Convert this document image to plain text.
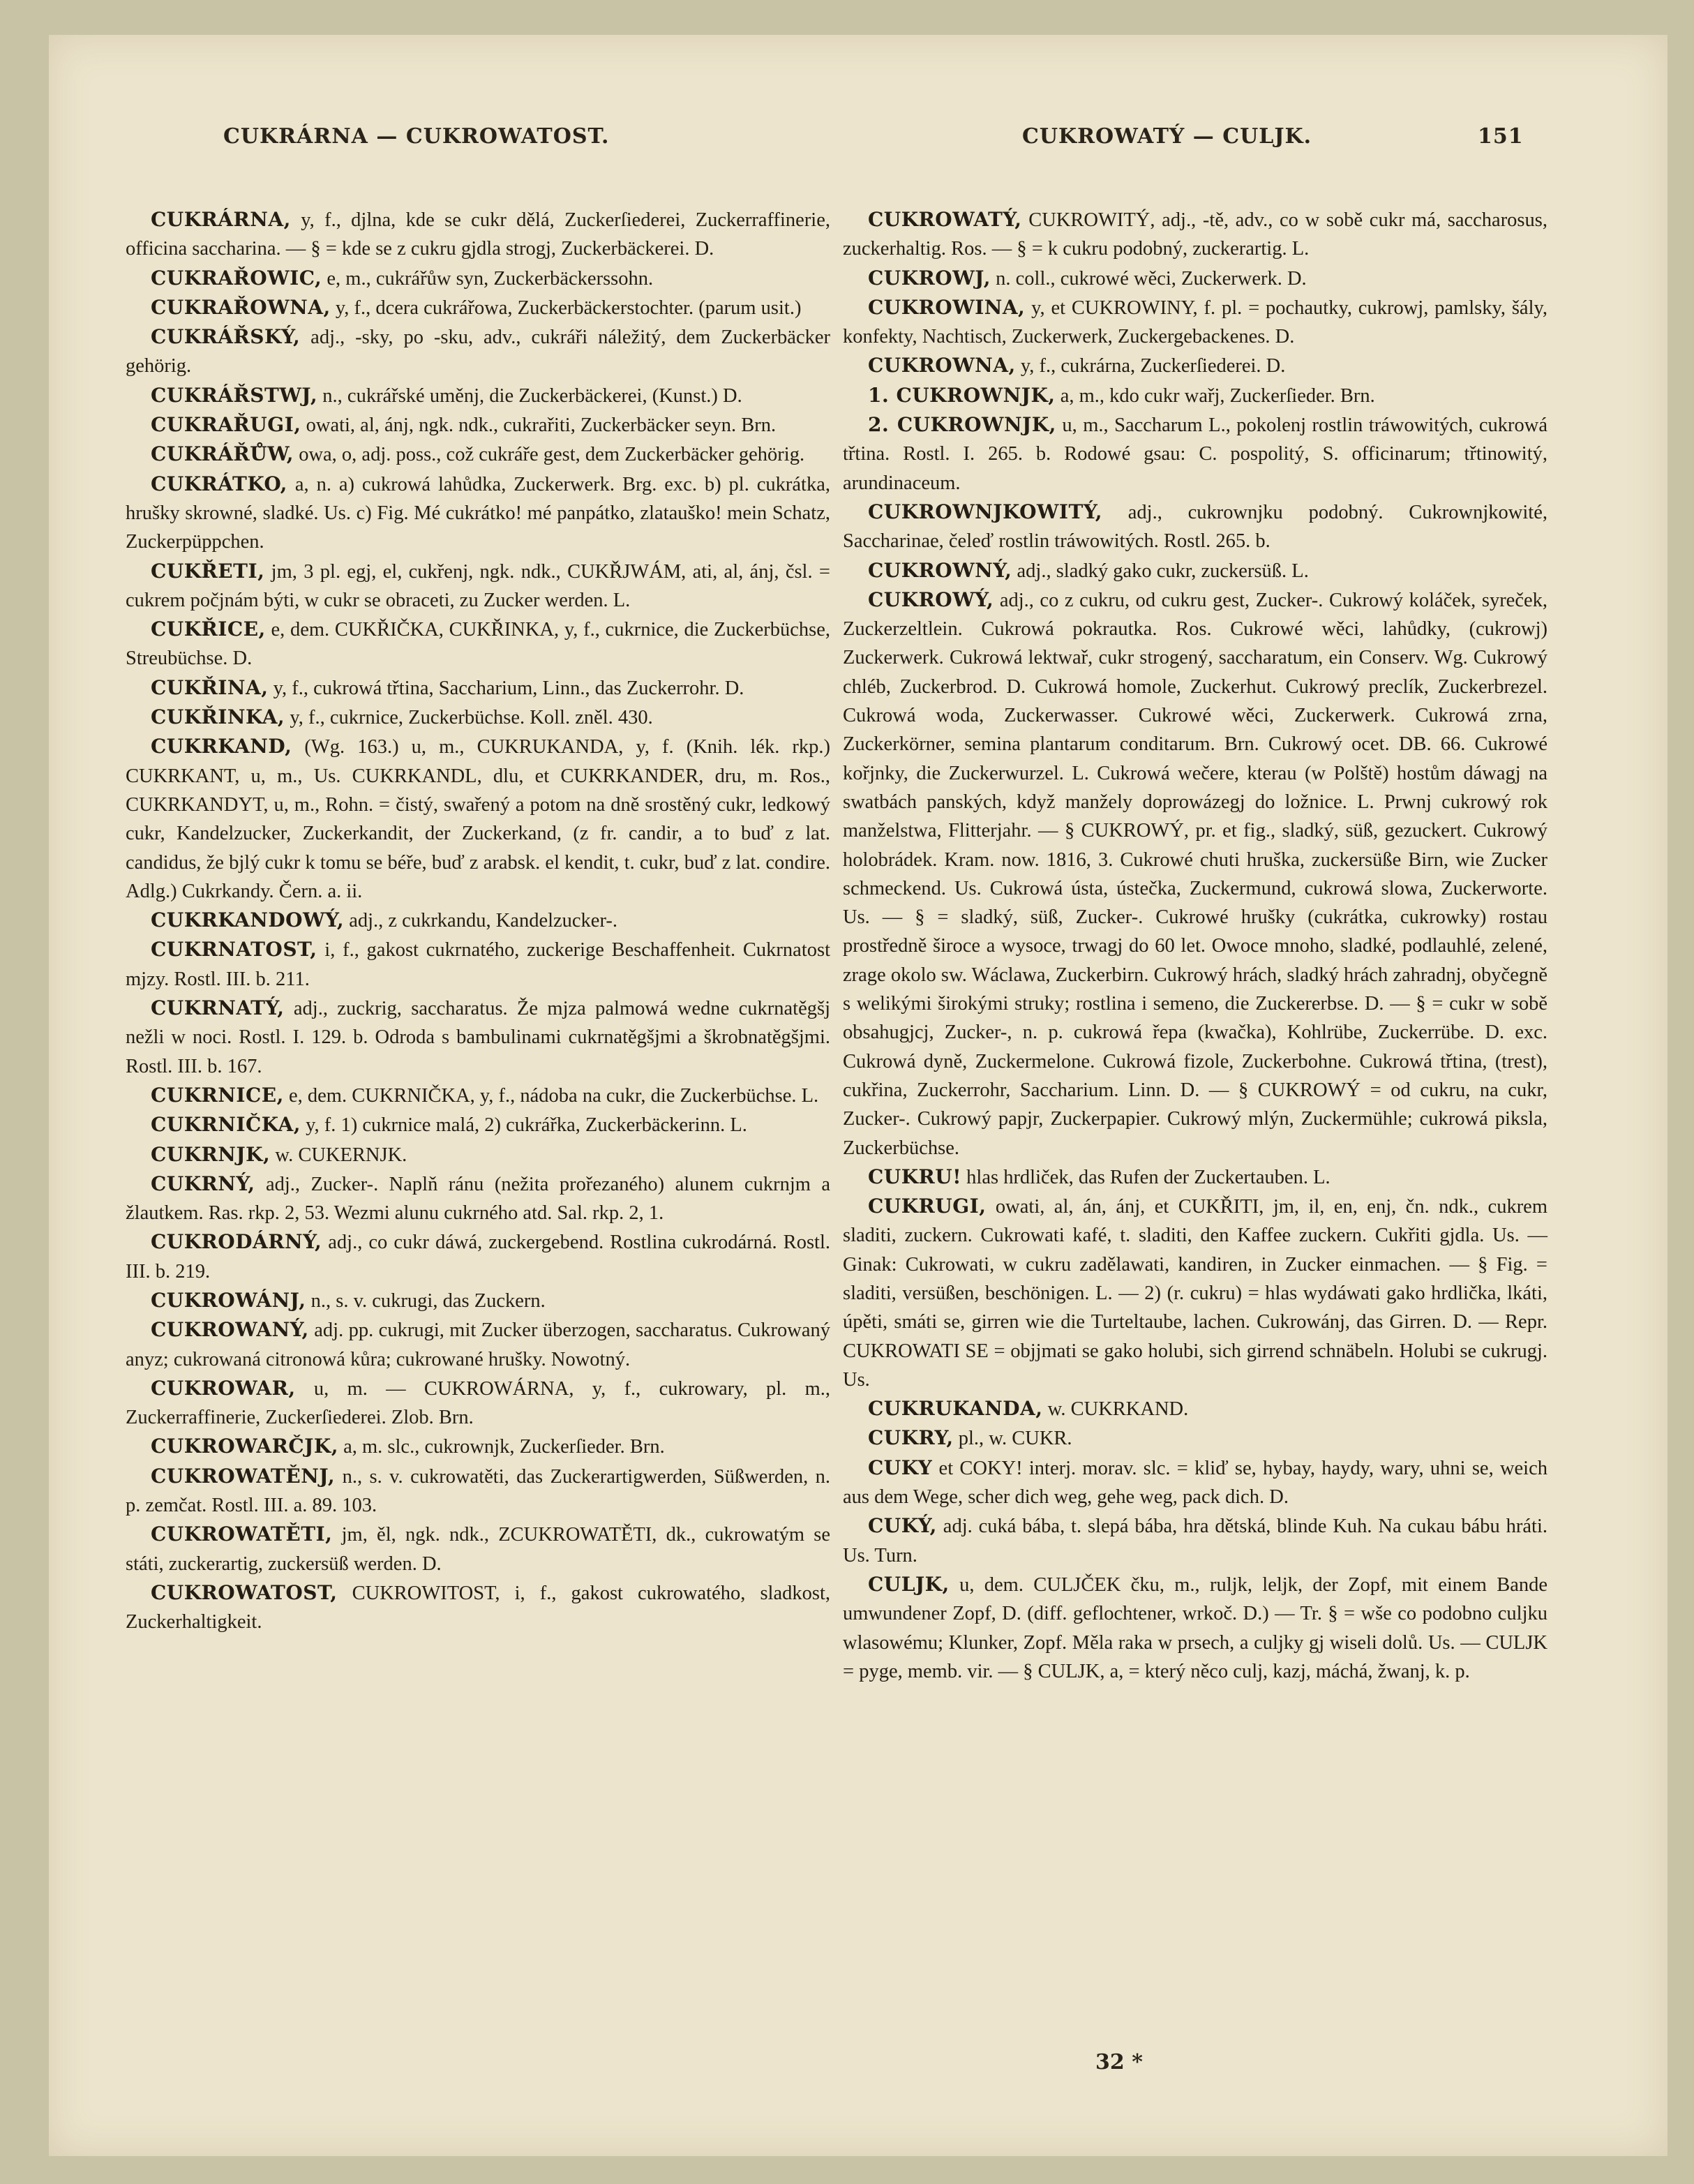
CUKRÁRNA — CUKROWATOST.	CUKROWATÝ — CULJK.	151

CUKRÁRNA, y, f., djlna, kde se cukr dělá, Zuckerſiederei, Zuckerraffinerie, officina saccharina. — § = kde se z cukru gjdla strogj, Zuckerbäckerei. D.

CUKRAŘOWIC, e, m., cukrářůw syn, Zuckerbäckerssohn.

CUKRAŘOWNA, y, f., dcera cukrářowa, Zuckerbäckerstochter. (parum usit.)

CUKRÁŘSKÝ, adj., -sky, po -sku, adv., cukráři náležitý, dem Zuckerbäcker gehörig.

CUKRÁŘSTWJ, n., cukrářské uměnj, die Zuckerbäckerei, (Kunst.) D.

CUKRAŘUGI, owati, al, ánj, ngk. ndk., cukrařiti, Zuckerbäcker seyn. Brn.

CUKRÁŘŮW, owa, o, adj. poss., což cukráře gest, dem Zuckerbäcker gehörig.

CUKRÁTKO, a, n. a) cukrowá lahůdka, Zuckerwerk. Brg. exc. b) pl. cukrátka, hrušky skrowné, sladké. Us. c) Fig. Mé cukrátko! mé panpátko, zlatauško! mein Schatz, Zuckerpüppchen.

CUKŘETI, jm, 3 pl. egj, el, cukřenj, ngk. ndk., CUKŘJWÁM, ati, al, ánj, čsl. = cukrem počjnám býti, w cukr se obraceti, zu Zucker werden. L.

CUKŘICE, e, dem. CUKŘIČKA, CUKŘINKA, y, f., cukrnice, die Zuckerbüchse, Streubüchse. D.

CUKŘINA, y, f., cukrowá třtina, Saccharium, Linn., das Zuckerrohr. D.

CUKŘINKA, y, f., cukrnice, Zuckerbüchse. Koll. zněl. 430.

CUKRKAND, (Wg. 163.) u, m., CUKRUKANDA, y, f. (Knih. lék. rkp.) CUKRKANT, u, m., Us. CUKRKANDL, dlu, et CUKRKANDER, dru, m. Ros., CUKRKANDYT, u, m., Rohn. = čistý, swařený a potom na dně srostěný cukr, ledkowý cukr, Kandelzucker, Zuckerkandit, der Zuckerkand, (z fr. candir, a to buď z lat. candidus, že bjlý cukr k tomu se béře, buď z arabsk. el kendit, t. cukr, buď z lat. condire. Adlg.) Cukrkandy. Čern. a. ii.

CUKRKANDOWÝ, adj., z cukrkandu, Kandelzucker-.

CUKRNATOST, i, f., gakost cukrnatého, zuckerige Beschaffenheit. Cukrnatost mjzy. Rostl. III. b. 211.

CUKRNATÝ, adj., zuckrig, saccharatus. Že mjza palmowá wedne cukrnatěgšj nežli w noci. Rostl. I. 129. b. Odroda s bambulinami cukrnatěgšjmi a škrobnatěgšjmi. Rostl. III. b. 167.

CUKRNICE, e, dem. CUKRNIČKA, y, f., nádoba na cukr, die Zuckerbüchse. L.

CUKRNIČKA, y, f. 1) cukrnice malá, 2) cukrářka, Zuckerbäckerinn. L.

CUKRNJK, w. CUKERNJK.

CUKRNÝ, adj., Zucker-. Naplň ránu (nežita prořezaného) alunem cukrnjm a žlautkem. Ras. rkp. 2, 53. Wezmi alunu cukrného atd. Sal. rkp. 2, 1.

CUKRODÁRNÝ, adj., co cukr dáwá, zuckergebend. Rostlina cukrodárná. Rostl. III. b. 219.

CUKROWÁNJ, n., s. v. cukrugi, das Zuckern.

CUKROWANÝ, adj. pp. cukrugi, mit Zucker überzogen, saccharatus. Cukrowaný anyz; cukrowaná citronowá kůra; cukrowané hrušky. Nowotný.

CUKROWAR, u, m. — CUKROWÁRNA, y, f., cukrowary, pl. m., Zuckerraffinerie, Zuckerſiederei. Zlob. Brn.

CUKROWARČJK, a, m. slc., cukrownjk, Zuckerſieder. Brn.

CUKROWATĚNJ, n., s. v. cukrowatěti, das Zuckerartigwerden, Süßwerden, n. p. zemčat. Rostl. III. a. 89. 103.

CUKROWATĚTI, jm, ěl, ngk. ndk., ZCUKROWATĚTI, dk., cukrowatým se státi, zuckerartig, zuckersüß werden. D.

CUKROWATOST, CUKROWITOST, i, f., gakost cukrowatého, sladkost, Zuckerhaltigkeit.

CUKROWATÝ, CUKROWITÝ, adj., -tě, adv., co w sobě cukr má, saccharosus, zuckerhaltig. Ros. — § = k cukru podobný, zuckerartig. L.

CUKROWJ, n. coll., cukrowé wěci, Zuckerwerk. D.

CUKROWINA, y, et CUKROWINY, f. pl. = pochautky, cukrowj, pamlsky, šály, konfekty, Nachtisch, Zuckerwerk, Zuckergebackenes. D.

CUKROWNA, y, f., cukrárna, Zuckerſiederei. D.

1. CUKROWNJK, a, m., kdo cukr wařj, Zuckerſieder. Brn.

2. CUKROWNJK, u, m., Saccharum L., pokolenj rostlin tráwowitých, cukrowá třtina. Rostl. I. 265. b. Rodowé gsau: C. pospolitý, S. officinarum; třtinowitý, arundinaceum.

CUKROWNJKOWITÝ, adj., cukrownjku podobný. Cukrownjkowité, Saccharinae, čeleď rostlin tráwowitých. Rostl. 265. b.

CUKROWNÝ, adj., sladký gako cukr, zuckersüß. L.

CUKROWÝ, adj., co z cukru, od cukru gest, Zucker-. Cukrowý koláček, syreček, Zuckerzeltlein. Cukrowá pokrautka. Ros. Cukrowé wěci, lahůdky, (cukrowj) Zuckerwerk. Cukrowá lektwař, cukr strogený, saccharatum, ein Conserv. Wg. Cukrowý chléb, Zuckerbrod. D. Cukrowá homole, Zuckerhut. Cukrowý preclík, Zuckerbrezel. Cukrowá woda, Zuckerwasser. Cukrowé wěci, Zuckerwerk. Cukrowá zrna, Zuckerkörner, semina plantarum conditarum. Brn. Cukrowý ocet. DB. 66. Cukrowé kořjnky, die Zuckerwurzel. L. Cukrowá wečere, kterau (w Polště) hostům dáwagj na swatbách panských, když manžely doprowázegj do ložnice. L. Prwnj cukrowý rok manželstwa, Flitterjahr. — § CUKROWÝ, pr. et fig., sladký, süß, gezuckert. Cukrowý holobrádek. Kram. now. 1816, 3. Cukrowé chuti hruška, zuckersüße Birn, wie Zucker schmeckend. Us. Cukrowá ústa, ústečka, Zuckermund, cukrowá slowa, Zuckerworte. Us. — § = sladký, süß, Zucker-. Cukrowé hrušky (cukrátka, cukrowky) rostau prostředně široce a wysoce, trwagj do 60 let. Owoce mnoho, sladké, podlauhlé, zelené, zrage okolo sw. Wáclawa, Zuckerbirn. Cukrowý hrách, sladký hrách zahradnj, obyčegně s welikými širokými struky; rostlina i semeno, die Zuckererbse. D. — § = cukr w sobě obsahugjcj, Zucker-, n. p. cukrowá řepa (kwačka), Kohlrübe, Zuckerrübe. D. exc. Cukrowá dyně, Zuckermelone. Cukrowá fizole, Zuckerbohne. Cukrowá třtina, (trest), cukřina, Zuckerrohr, Saccharium. Linn. D. — § CUKROWÝ = od cukru, na cukr, Zucker-. Cukrowý papjr, Zuckerpapier. Cukrowý mlýn, Zuckermühle; cukrowá piksla, Zuckerbüchse.

CUKRU! hlas hrdliček, das Rufen der Zuckertauben. L.

CUKRUGI, owati, al, án, ánj, et CUKŘITI, jm, il, en, enj, čn. ndk., cukrem sladiti, zuckern. Cukrowati kafé, t. sladiti, den Kaffee zuckern. Cukřiti gjdla. Us. — Ginak: Cukrowati, w cukru zadělawati, kandiren, in Zucker einmachen. — § Fig. = sladiti, versüßen, beschönigen. L. — 2) (r. cukru) = hlas wydáwati gako hrdlička, lkáti, úpěti, smáti se, girren wie die Turteltaube, lachen. Cukrowánj, das Girren. D. — Repr. CUKROWATI SE = objjmati se gako holubi, sich girrend schnäbeln. Holubi se cukrugj. Us.

CUKRUKANDA, w. CUKRKAND.

CUKRY, pl., w. CUKR.

CUKY et COKY! interj. morav. slc. = kliď se, hybay, haydy, wary, uhni se, weich aus dem Wege, scher dich weg, gehe weg, pack dich. D.

CUKÝ, adj. cuká bába, t. slepá bába, hra dětská, blinde Kuh. Na cukau bábu hráti. Us. Turn.

CULJK, u, dem. CULJČEK čku, m., ruljk, leljk, der Zopf, mit einem Bande umwundener Zopf, D. (diff. geflochtener, wrkoč. D.) — Tr. § = wše co podobno culjku wlasowému; Klunker, Zopf. Měla raka w prsech, a culjky gj wiseli dolů. Us. — CULJK = pyge, memb. vir. — § CULJK, a, = který něco culj, kazj, máchá, žwanj, k. p.

32 *
